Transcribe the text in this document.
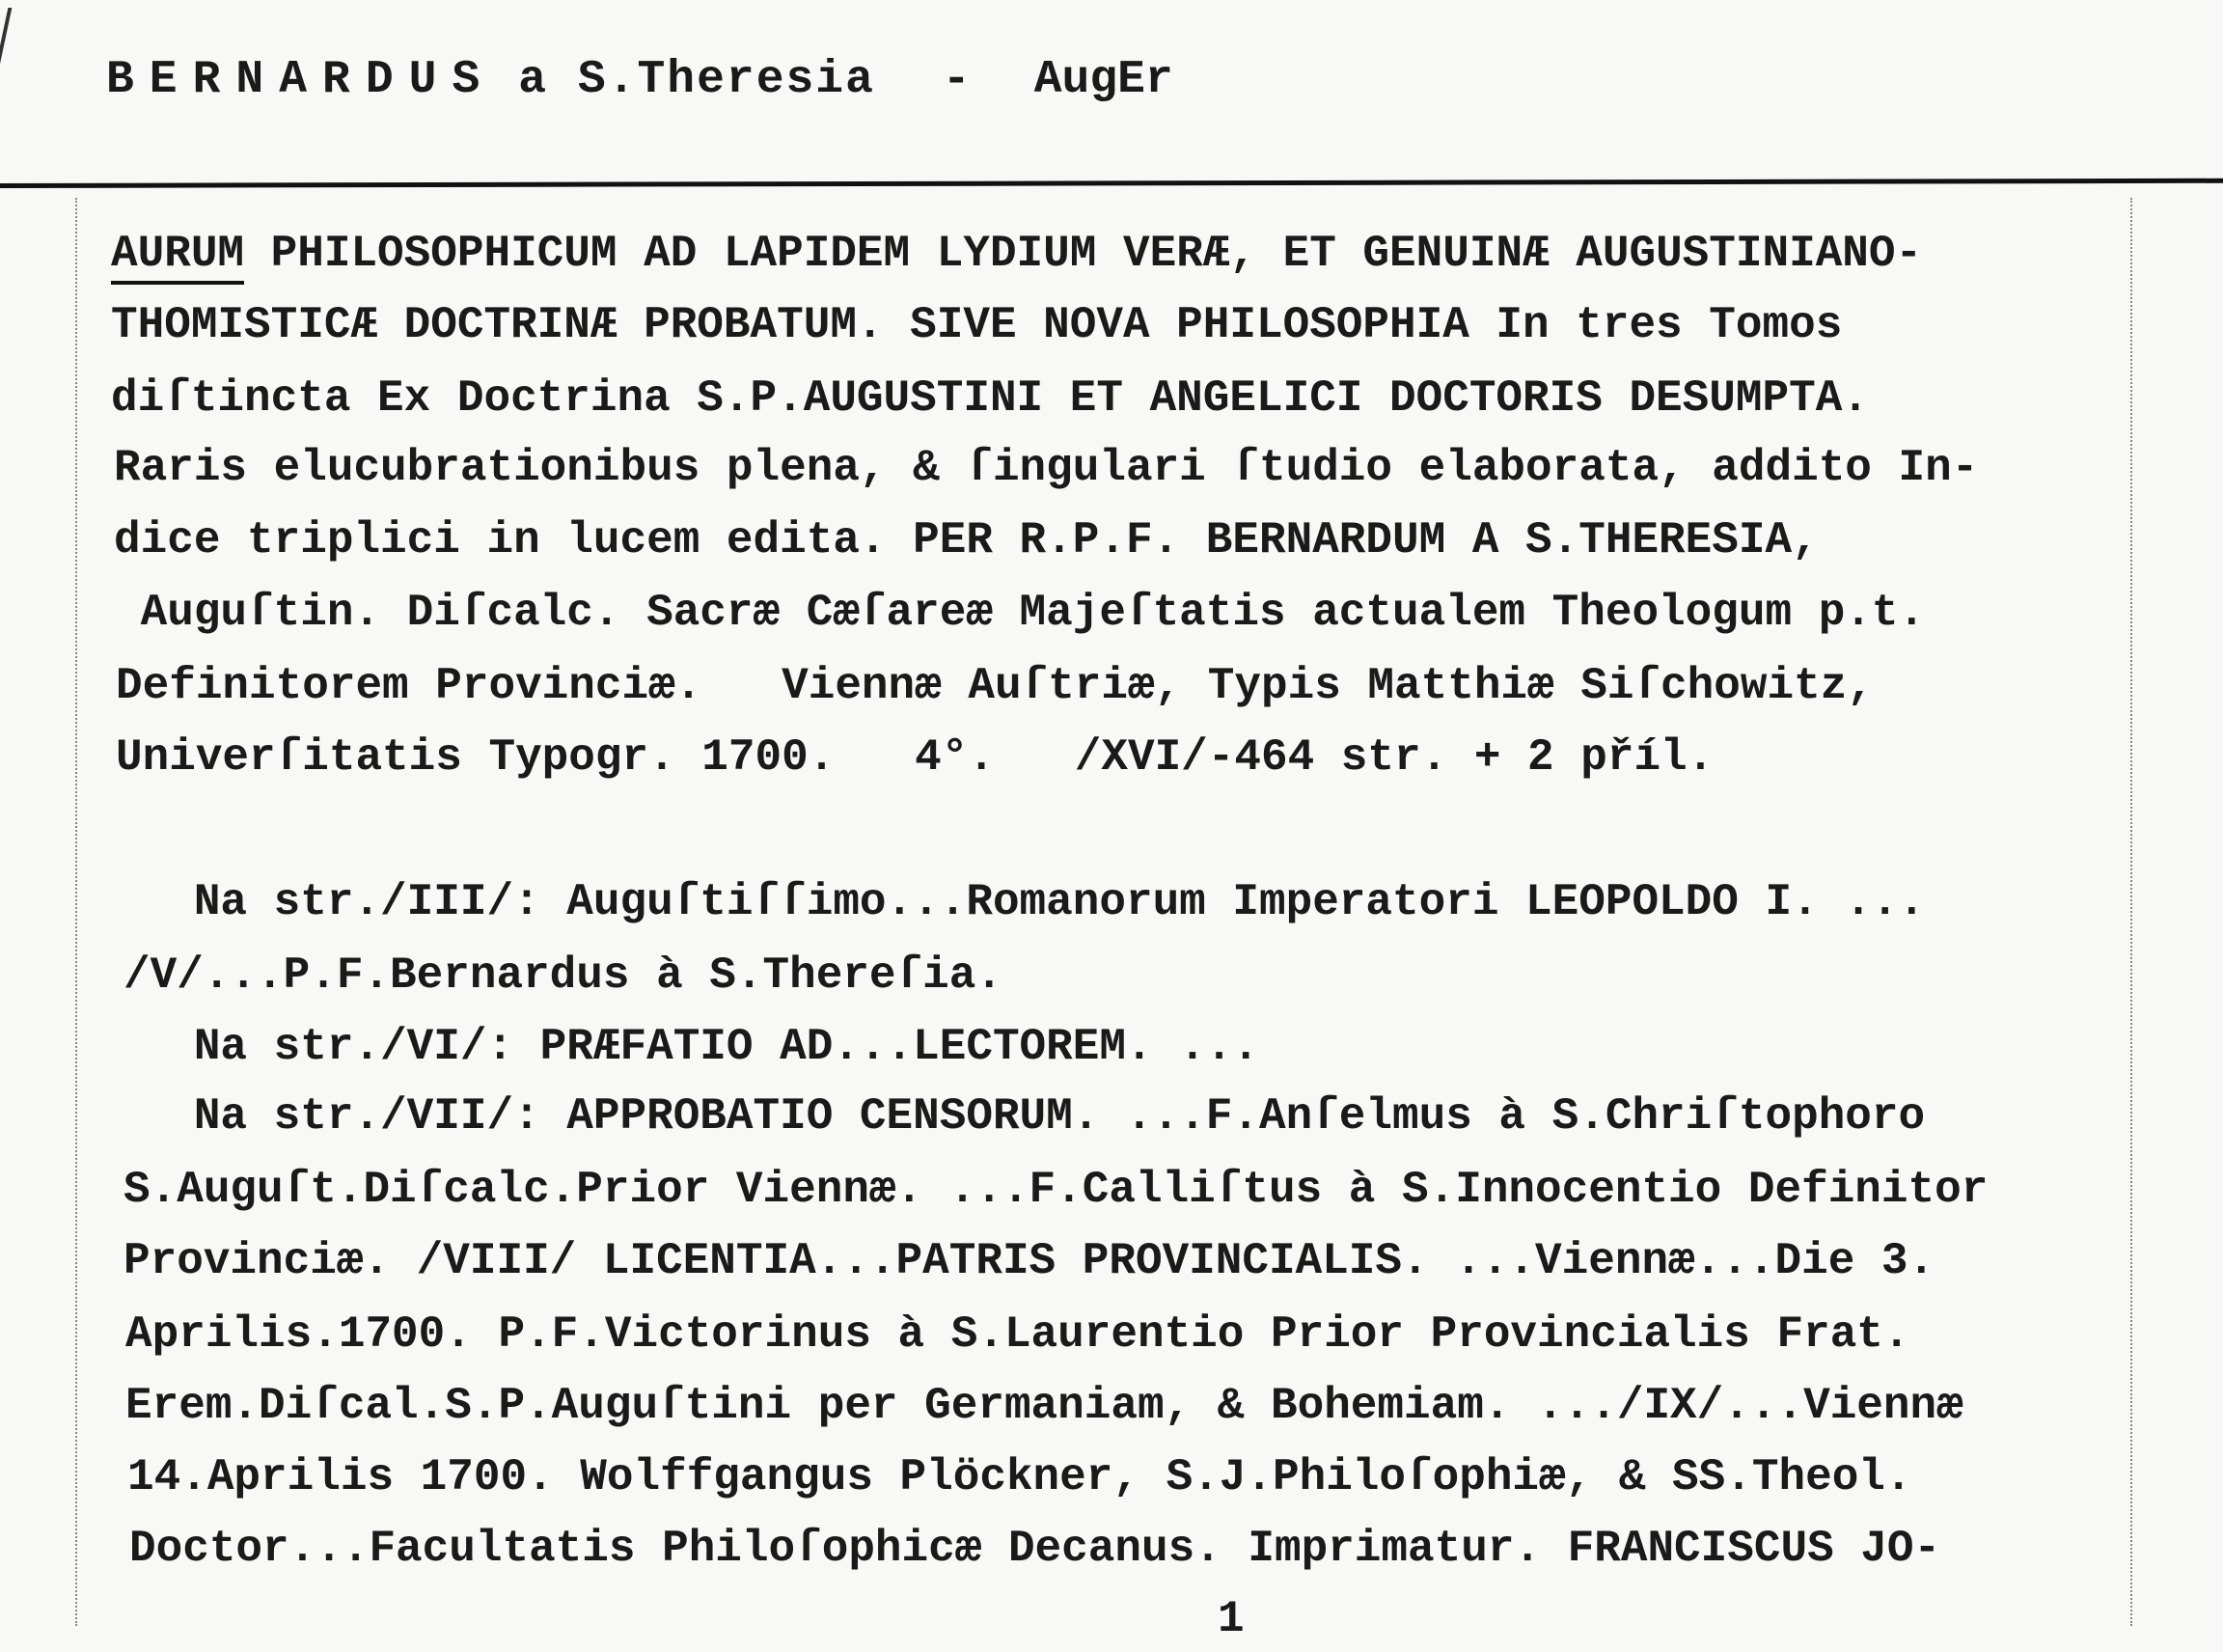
BERNARDUS a S.Theresia - AugEr
AURUM PHILOSOPHICUM AD LAPIDEM LYDIUM VERÆ, ET GENUINÆ AUGUSTINIANO-
THOMISTICÆ DOCTRINÆ PROBATUM. SIVE NOVA PHILOSOPHIA In tres Tomos
diſtincta Ex Doctrina S.P.AUGUSTINI ET ANGELICI DOCTORIS DESUMPTA.
Raris elucubrationibus plena, & ſingulari ſtudio elaborata, addito In-
dice triplici in lucem edita. PER R.P.F. BERNARDUM A S.THERESIA,
Auguſtin. Diſcalc. Sacræ Cæſareæ Majeſtatis actualem Theologum p.t.
Definitorem Provinciæ.   Viennæ Auſtriæ, Typis Matthiæ Siſchowitz,
Univerſitatis Typogr. 1700.   4°.   /XVI/-464 str. + 2 příl.
Na str./III/: Auguſtiſſimo...Romanorum Imperatori LEOPOLDO I. ...
/V/...P.F.Bernardus à S.Thereſia.
Na str./VI/: PRÆFATIO AD...LECTOREM. ...
Na str./VII/: APPROBATIO CENSORUM. ...F.Anſelmus à S.Chriſtophoro
S.Auguſt.Diſcalc.Prior Viennæ. ...F.Calliſtus à S.Innocentio Definitor
Provinciæ. /VIII/ LICENTIA...PATRIS PROVINCIALIS. ...Viennæ...Die 3.
Aprilis.1700. P.F.Victorinus à S.Laurentio Prior Provincialis Frat.
Erem.Diſcal.S.P.Auguſtini per Germaniam, & Bohemiam. .../IX/...Viennæ
14.Aprilis 1700. Wolffgangus Plöckner, S.J.Philoſophiæ, & SS.Theol.
Doctor...Facultatis Philoſophicæ Decanus. Imprimatur. FRANCISCUS JO-
1
